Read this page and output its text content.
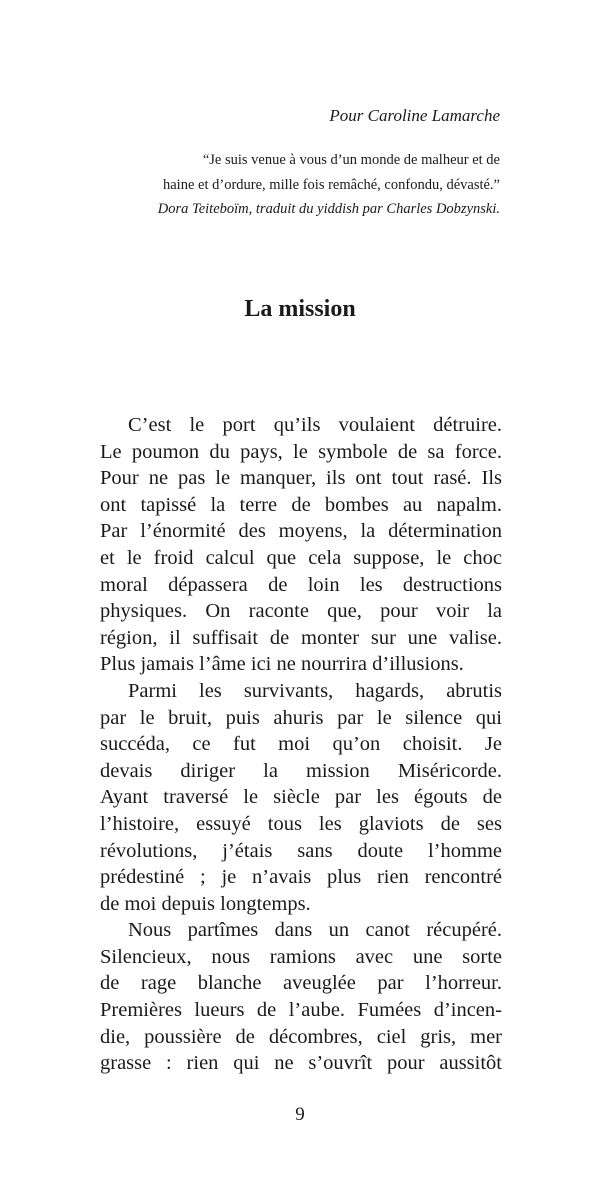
Pour Caroline Lamarche
“Je suis venue à vous d’un monde de malheur et de
haine et d’ordure, mille fois remâché, confondu, dévasté.”
Dora Teiteboïm, traduit du yiddish par Charles Dobzynski.
La mission
C’est le port qu’ils voulaient détruire.
Le poumon du pays, le symbole de sa force.
Pour ne pas le manquer, ils ont tout rasé. Ils
ont tapissé la terre de bombes au napalm.
Par l’énormité des moyens, la détermination
et le froid calcul que cela suppose, le choc
moral dépassera de loin les destructions
physiques. On raconte que, pour voir la
région, il suffisait de monter sur une valise.
Plus jamais l’âme ici ne nourrira d’illusions.
Parmi les survivants, hagards, abrutis
par le bruit, puis ahuris par le silence qui
succéda, ce fut moi qu’on choisit. Je
devais diriger la mission Miséricorde.
Ayant traversé le siècle par les égouts de
l’histoire, essuyé tous les glaviots de ses
révolutions, j’étais sans doute l’homme
prédestiné ; je n’avais plus rien rencontré
de moi depuis longtemps.
Nous partîmes dans un canot récupéré.
Silencieux, nous ramions avec une sorte
de rage blanche aveuglée par l’horreur.
Premières lueurs de l’aube. Fumées d’incen-
die, poussière de décombres, ciel gris, mer
grasse : rien qui ne s’ouvrît pour aussitôt
9
